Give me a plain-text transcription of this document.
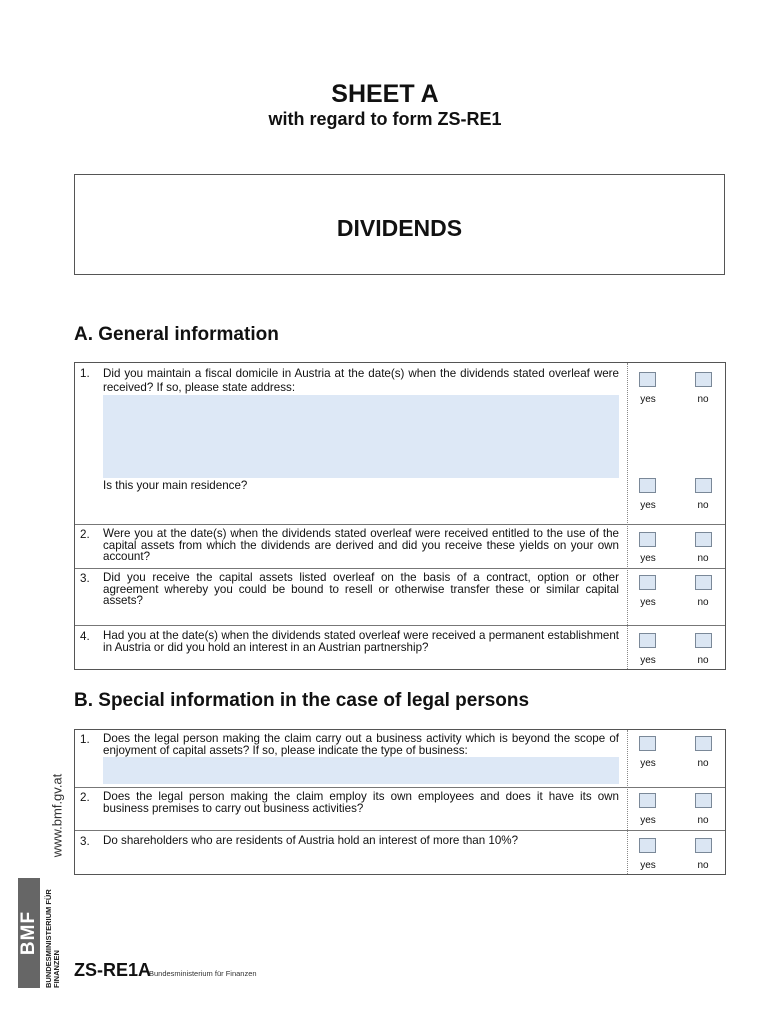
SHEET A
with regard to form ZS-RE1
DIVIDENDS
A. General information
1. Did you maintain a fiscal domicile in Austria at the date(s) when the dividends stated overleaf were received? If so, please state address:
Is this your main residence?
yes	no
yes	no
2. Were you at the date(s) when the dividends stated overleaf were received entitled to the use of the capital assets from which the dividends are derived and did you receive these yields on your own account?	yes	no
3. Did you receive the capital assets listed overleaf on the basis of a contract, option or other agreement whereby you could be bound to resell or otherwise transfer these or similar capital assets?	yes	no
4. Had you at the date(s) when the dividends stated overleaf were received a permanent establishment in Austria or did you hold an interest in an Austrian partnership?
yes	no
B. Special information in the case of legal persons
1. Does the legal person making the claim carry out a business activity which is beyond the scope of enjoyment of capital assets? If so, please indicate the type of business:
yes	no
2. Does the legal person making the claim employ its own employees and does it have its own business premises to carry out business activities?
yes	no
3. Do shareholders who are residents of Austria hold an interest of more than 10%?
yes	no
www.bmf.gv.at
BMF BUNDESMINISTERIUM FÜR FINANZEN ZS-RE1A
Bundesministerium für Finanzen
